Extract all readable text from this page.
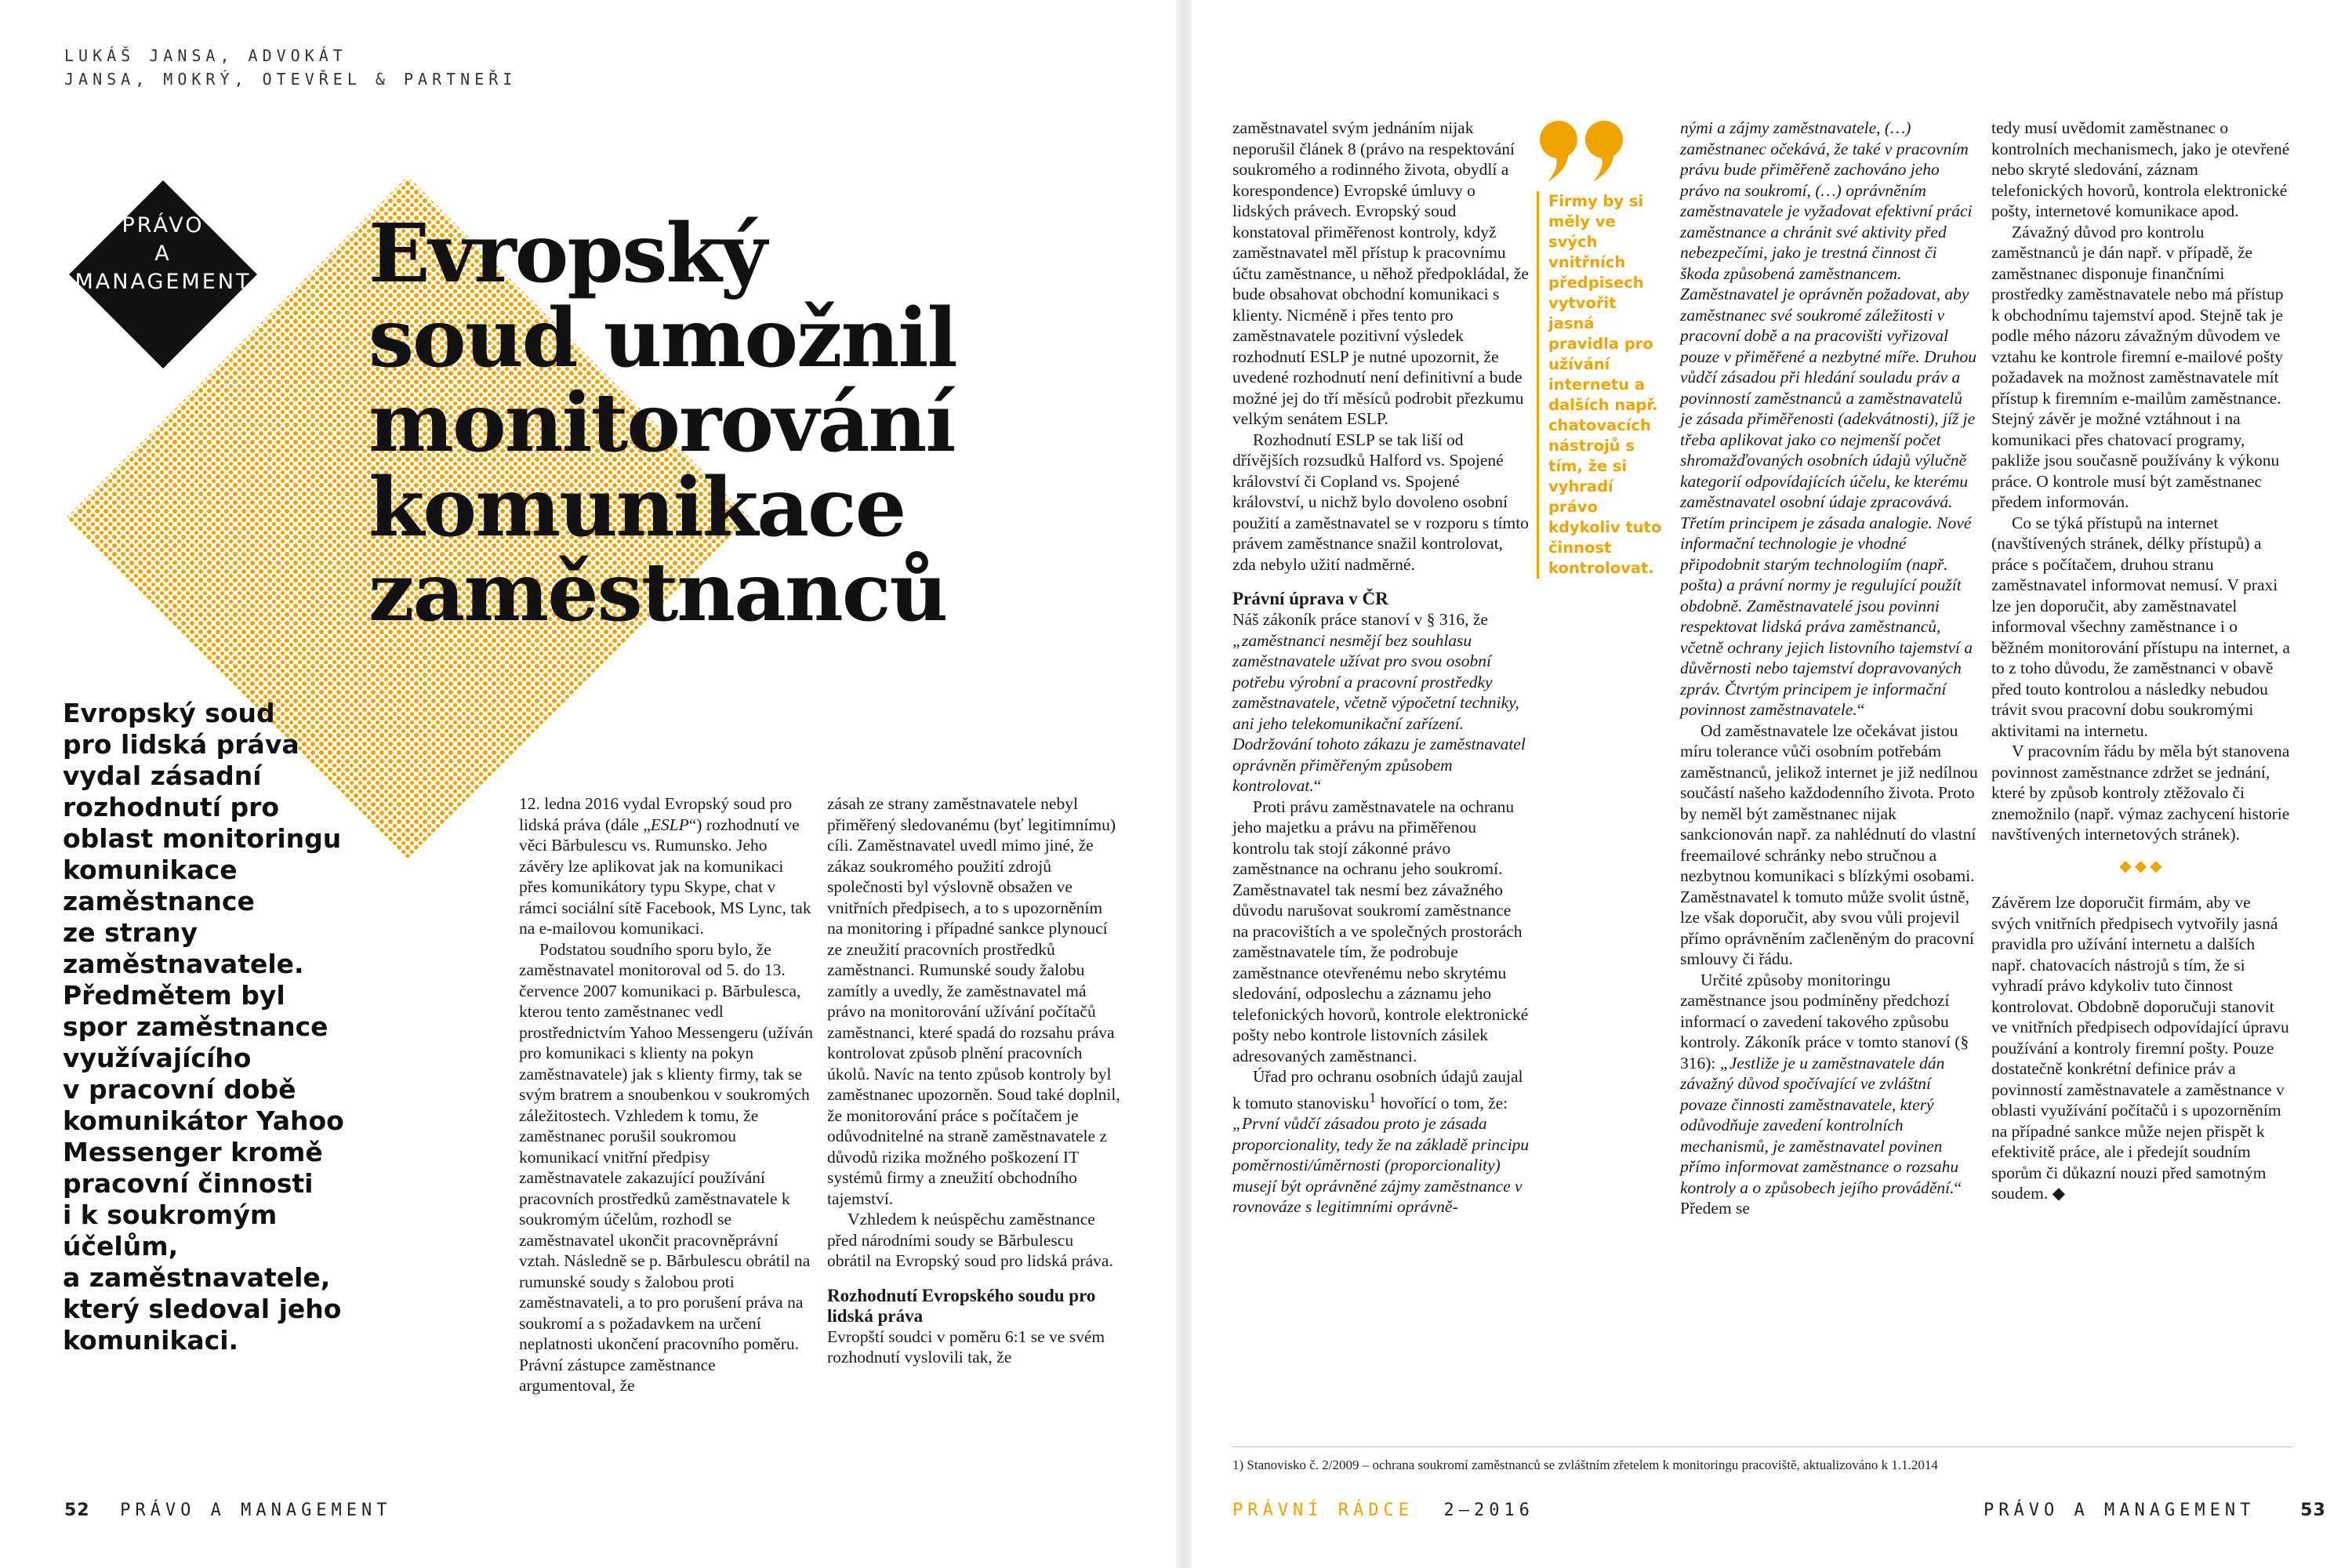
LUKÁŠ JANSA, ADVOKÁT
JANSA, MOKRÝ, OTEVŘEL & PARTNEŘI
PRÁVO
A MANAGEMENT Evropský
soud umožnil
monitorování
komunikace
zaměstnanců
Evropský soud
pro lidská práva
vydal zásadní
rozhodnutí pro
oblast monitoringu
komunikace
zaměstnance
ze strany
zaměstnavatele.
Předmětem byl
spor zaměstnance
využívajícího
v pracovní době
komunikátor Yahoo
Messenger kromě
pracovní činnosti
i k soukromým
účelům,
a zaměstnavatele,
který sledoval jeho
komunikaci.

12. ledna 2016 vydal Evropský soud pro lidská práva (dále „ESLP“) rozhodnutí ve věci Bărbulescu vs. Rumunsko. Jeho závěry lze aplikovat jak na komunikaci přes komunikátory typu Skype, chat v rámci sociální sítě Facebook, MS Lync, tak na e-mailovou komunikaci.

Podstatou soudního sporu bylo, že zaměstnavatel monitoroval od 5. do 13. července 2007 komunikaci p. Bărbulesca, kterou tento zaměstnanec vedl prostřednictvím Yahoo Messengeru (užíván pro komunikaci s klienty na pokyn zaměstnavatele) jak s klienty firmy, tak se svým bratrem a snoubenkou v soukromých záležitostech. Vzhledem k tomu, že zaměstnanec porušil soukromou komunikací vnitřní předpisy zaměstnavatele zakazující používání pracovních prostředků zaměstnavatele k soukromým účelům, rozhodl se zaměstnavatel ukončit pracovněprávní vztah. Následně se p. Bărbulescu obrátil na rumunské soudy s žalobou proti zaměstnavateli, a to pro porušení práva na soukromí a s požadavkem na určení neplatnosti ukončení pracovního poměru. Právní zástupce zaměstnance argumentoval, že

zásah ze strany zaměstnavatele nebyl přiměřený sledovanému (byť legitimnímu) cíli. Zaměstnavatel uvedl mimo jiné, že zákaz soukromého použití zdrojů společnosti byl výslovně obsažen ve vnitřních předpisech, a to s upozorněním na monitoring i případné sankce plynoucí ze zneužití pracovních prostředků zaměstnanci. Rumunské soudy žalobu zamítly a uvedly, že zaměstnavatel má právo na monitorování užívání počítačů zaměstnanci, které spadá do rozsahu práva kontrolovat způsob plnění pracovních úkolů. Navíc na tento způsob kontroly byl zaměstnanec upozorněn. Soud také doplnil, že monitorování práce s počítačem je odůvodnitelné na straně zaměstnavatele z důvodů rizika možného poškození IT systémů firmy a zneužití obchodního tajemství.

Vzhledem k neúspěchu zaměstnance před národními soudy se Bărbulescu obrátil na Evropský soud pro lidská práva.

Rozhodnutí Evropského soudu pro lidská práva

Evropští soudci v poměru 6:1 se ve svém rozhodnutí vyslovili tak, že

52 PRÁVO A MANAGEMENT

zaměstnavatel svým jednáním nijak neporušil článek 8 (právo na respektování soukromého a rodinného života, obydlí a korespondence) Evropské úmluvy o lidských právech. Evropský soud konstatoval přiměřenost kontroly, když zaměstnavatel měl přístup k pracovnímu účtu zaměstnance, u něhož předpokládal, že bude obsahovat obchodní komunikaci s klienty. Nicméně i přes tento pro zaměstnavatele pozitivní výsledek rozhodnutí ESLP je nutné upozornit, že uvedené rozhodnutí není definitivní a bude možné jej do tří měsíců podrobit přezkumu velkým senátem ESLP.

Rozhodnutí ESLP se tak liší od dřívějších rozsudků Halford vs. Spojené království či Copland vs. Spojené království, u nichž bylo dovoleno osobní použití a zaměstnavatel se v rozporu s tímto právem zaměstnance snažil kontrolovat, zda nebylo užití nadměrné.

Právní úprava v ČR

Náš zákoník práce stanoví v § 316, že „zaměstnanci nesmějí bez souhlasu zaměstnavatele užívat pro svou osobní potřebu výrobní a pracovní prostředky zaměstnavatele, včetně výpočetní techniky, ani jeho telekomunikační zařízení. Dodržování tohoto zákazu je zaměstnavatel oprávněn přiměřeným způsobem kontrolovat.“

Proti právu zaměstnavatele na ochranu jeho majetku a právu na přiměřenou kontrolu tak stojí zákonné právo zaměstnance na ochranu jeho soukromí. Zaměstnavatel tak nesmí bez závažného důvodu narušovat soukromí zaměstnance na pracovištích a ve společných prostorách zaměstnavatele tím, že podrobuje zaměstnance otevřenému nebo skrytému sledování, odposlechu a záznamu jeho telefonických hovorů, kontrole elektronické pošty nebo kontrole listovních zásilek adresovaných zaměstnanci.

Úřad pro ochranu osobních údajů zaujal k tomuto stanovisku$^1$ hovořící o tom, že: „První vůdčí zásadou proto je zásada proporcionality, tedy že na základě principu poměrnosti/úměrnosti (proporcionality) musejí být oprávněné zájmy zaměstnance v rovnováze s legitimními oprávně-

Firmy by si měly ve svých vnitřních předpisech vytvořit jasná pravidla pro užívání internetu a dalších např. chatovacích nástrojů s tím, že si vyhradí právo kdykoliv tuto činnost kontrolovat.

nými a zájmy zaměstnavatele, (…) zaměstnanec očekává, že také v pracovním právu bude přiměřeně zachováno jeho právo na soukromí, (…) oprávněním zaměstnavatele je vyžadovat efektivní práci zaměstnance a chránit své aktivity před nebezpečími, jako je trestná činnost či škoda způsobená zaměstnancem. Zaměstnavatel je oprávněn požadovat, aby zaměstnanec své soukromé záležitosti v pracovní době a na pracovišti vyřizoval pouze v přiměřené a nezbytné míře. Druhou vůdčí zásadou při hledání souladu práv a povinností zaměstnanců a zaměstnavatelů je zásada přiměřenosti (adekvátnosti), jíž je třeba aplikovat jako co nejmenší počet shromažďovaných osobních údajů výlučně kategorií odpovídajících účelu, ke kterému zaměstnavatel osobní údaje zpracovává. Třetím principem je zásada analogie. Nové informační technologie je vhodné připodobnit starým technologiím (např. pošta) a právní normy je regulující použít obdobně. Zaměstnavatelé jsou povinni respektovat lidská práva zaměstnanců, včetně ochrany jejich listovního tajemství a důvěrnosti nebo tajemství dopravovaných zpráv. Čtvrtým principem je informační povinnost zaměstnavatele.“

Od zaměstnavatele lze očekávat jistou míru tolerance vůči osobním potřebám zaměstnanců, jelikož internet je již nedílnou součástí našeho každodenního života. Proto by neměl být zaměstnanec nijak sankcionován např. za nahlédnutí do vlastní freemailové schránky nebo stručnou a nezbytnou komunikaci s blízkými osobami. Zaměstnavatel k tomuto může svolit ústně, lze však doporučit, aby svou vůli projevil přímo oprávněním začleněným do pracovní smlouvy či řádu.

Určité způsoby monitoringu zaměstnance jsou podmíněny předchozí informací o zavedení takového způsobu kontroly. Zákoník práce v tomto stanoví (§ 316): „Jestliže je u zaměstnavatele dán závažný důvod spočívající ve zvláštní povaze činnosti zaměstnavatele, který odůvodňuje zavedení kontrolních mechanismů, je zaměstnavatel povinen přímo informovat zaměstnance o rozsahu kontroly a o způsobech jejího provádění.“ Předem se

tedy musí uvědomit zaměstnanec o kontrolních mechanismech, jako je otevřené nebo skryté sledování, záznam telefonických hovorů, kontrola elektronické pošty, internetové komunikace apod.

Závažný důvod pro kontrolu zaměstnanců je dán např. v případě, že zaměstnanec disponuje finančními prostředky zaměstnavatele nebo má přístup k obchodnímu tajemství apod. Stejně tak je podle mého názoru závažným důvodem ve vztahu ke kontrole firemní e-mailové pošty požadavek na možnost zaměstnavatele mít přístup k firemním e-mailům zaměstnance. Stejný závěr je možné vztáhnout i na komunikaci přes chatovací programy, pakliže jsou současně používány k výkonu práce. O kontrole musí být zaměstnanec předem informován.

Co se týká přístupů na internet (navštívených stránek, délky přístupů) a práce s počítačem, druhou stranu zaměstnavatel informovat nemusí. V praxi lze jen doporučit, aby zaměstnavatel informoval všechny zaměstnance i o běžném monitorování přístupu na internet, a to z toho důvodu, že zaměstnanci v obavě před touto kontrolou a následky nebudou trávit svou pracovní dobu soukromými aktivitami na internetu.

V pracovním řádu by měla být stanovena povinnost zaměstnance zdržet se jednání, které by způsob kontroly ztěžovalo či znemožnilo (např. výmaz zachycení historie navštívených internetových stránek).

◆◆◆

Závěrem lze doporučit firmám, aby ve svých vnitřních předpisech vytvořily jasná pravidla pro užívání internetu a dalších např. chatovacích nástrojů s tím, že si vyhradí právo kdykoliv tuto činnost kontrolovat. Obdobně doporučuji stanovit ve vnitřních předpisech odpovídající úpravu používání a kontroly firemní pošty. Pouze dostatečně konkrétní definice práv a povinností zaměstnavatele a zaměstnance v oblasti využívání počítačů i s upozorněním na případné sankce může nejen přispět k efektivitě práce, ale i předejít soudním sporům či důkazní nouzi před samotným soudem. ◆

1) Stanovisko č. 2/2009 – ochrana soukromí zaměstnanců se zvláštním zřetelem k monitoringu pracoviště, aktualizováno k 1.1.2014
PRÁVNÍ RÁDCE 2—2016	PRÁVO A MANAGEMENT	53
